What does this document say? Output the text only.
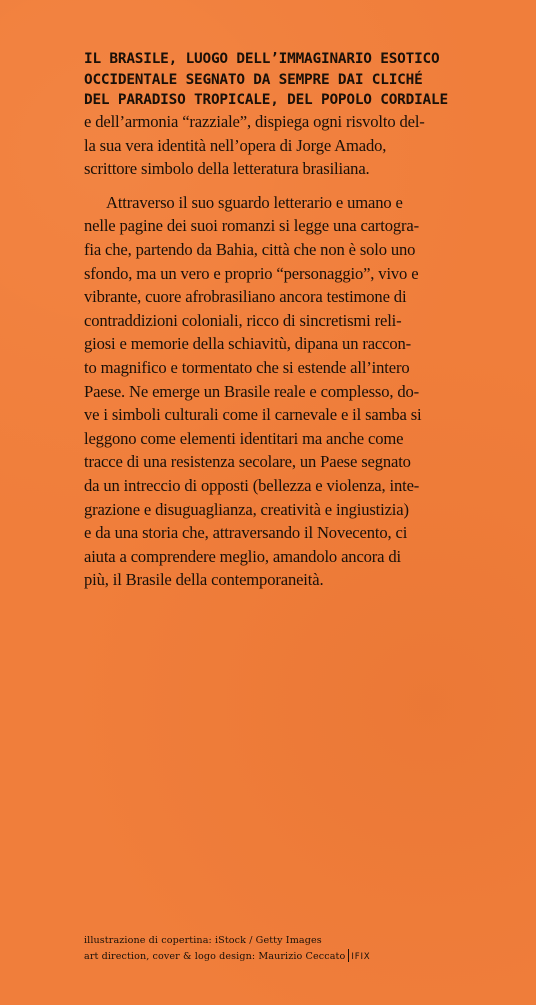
IL BRASILE, LUOGO DELL’IMMAGINARIO ESOTICO
OCCIDENTALE SEGNATO DA SEMPRE DAI CLICHÉ
DEL PARADISO TROPICALE, DEL POPOLO CORDIALE

e dell’armonia “razziale”, dispiega ogni risvolto del-
la sua vera identità nell’opera di Jorge Amado,
scrittore simbolo della letteratura brasiliana.
Attraverso il suo sguardo letterario e umano e
nelle pagine dei suoi romanzi si legge una cartogra-
fia che, partendo da Bahia, città che non è solo uno
sfondo, ma un vero e proprio “personaggio”, vivo e
vibrante, cuore afrobrasiliano ancora testimone di
contraddizioni coloniali, ricco di sincretismi reli-
giosi e memorie della schiavitù, dipana un raccon-
to magnifico e tormentato che si estende all’intero
Paese. Ne emerge un Brasile reale e complesso, do-
ve i simboli culturali come il carnevale e il samba si
leggono come elementi identitari ma anche come
tracce di una resistenza secolare, un Paese segnato
da un intreccio di opposti (bellezza e violenza, inte-
grazione e disuguaglianza, creatività e ingiustizia)
e da una storia che, attraversando il Novecento, ci
aiuta a comprendere meglio, amandolo ancora di
più, il Brasile della contemporaneità.
illustrazione di copertina: iStock / Getty Images
art direction, cover & logo design: Maurizio Ceccato IFIX
